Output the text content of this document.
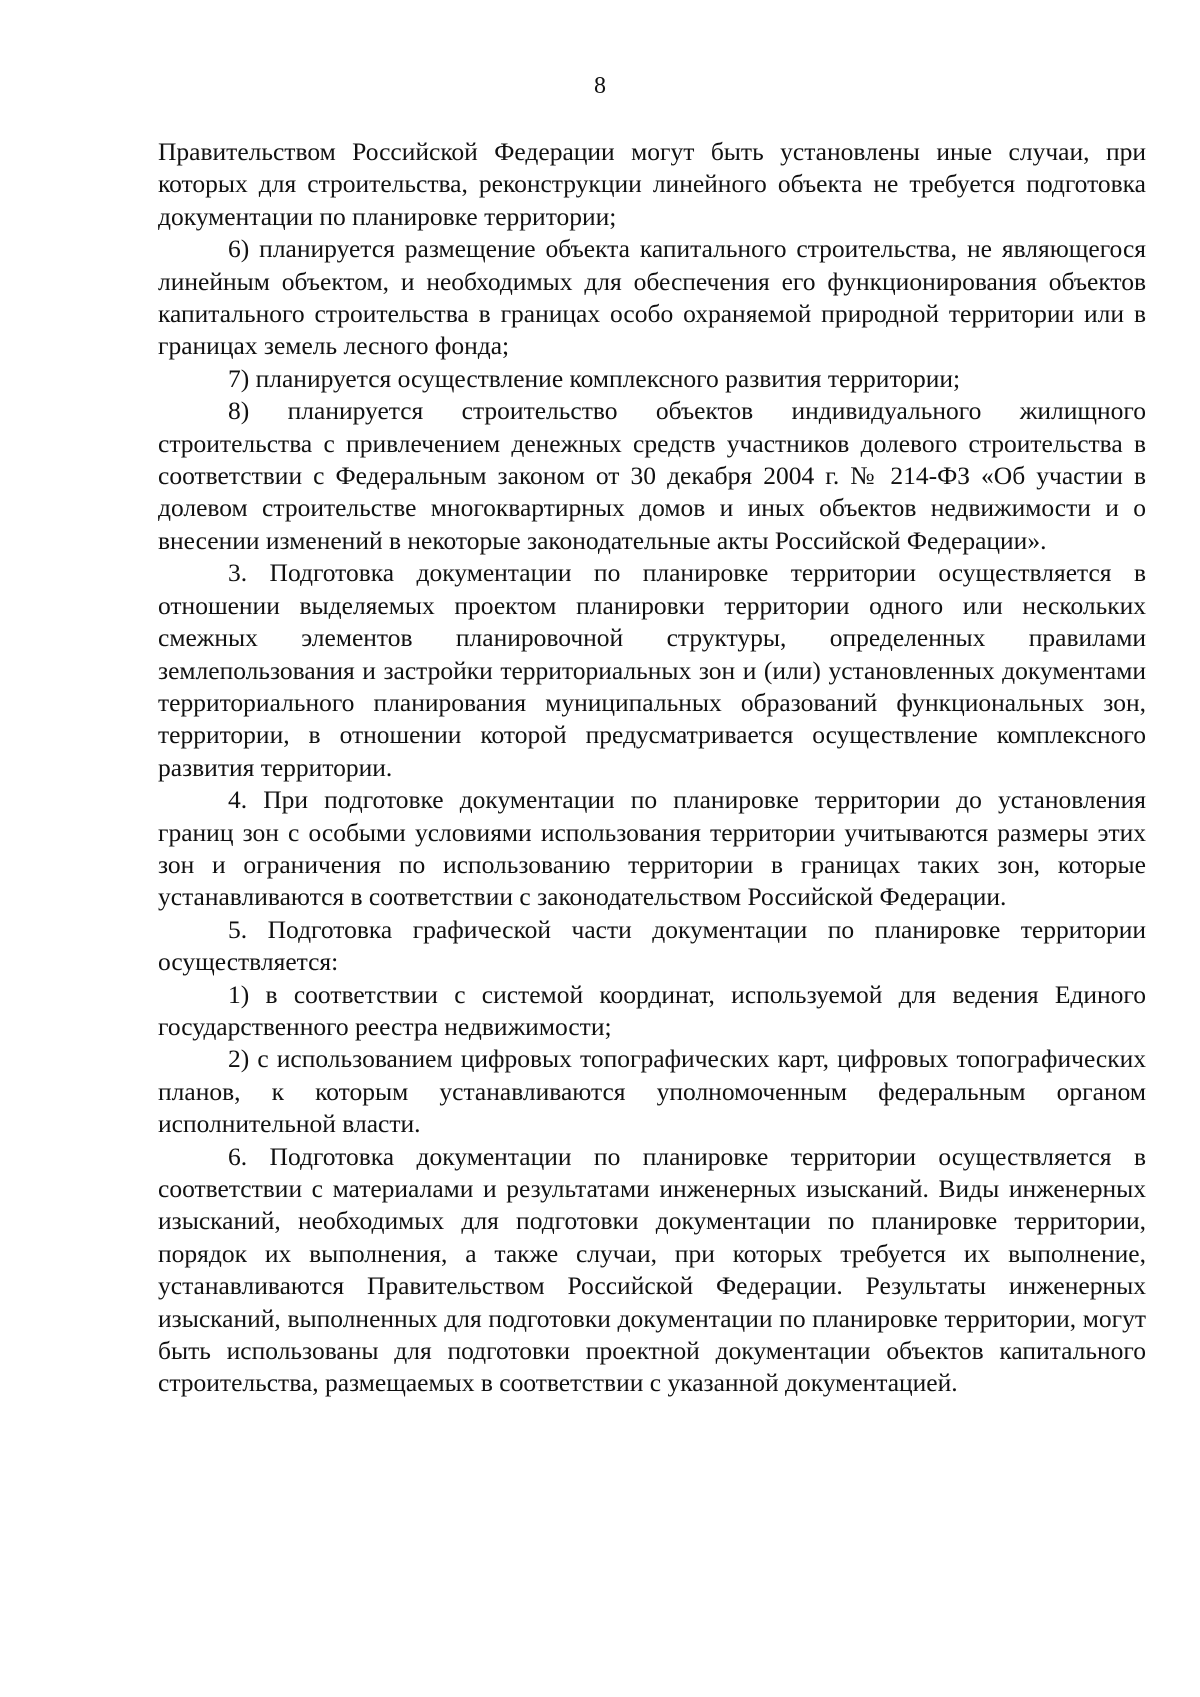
8

Правительством Российской Федерации могут быть установлены иные случаи, при которых для строительства, реконструкции линейного объекта не требуется подготовка документации по планировке территории;

6) планируется размещение объекта капитального строительства, не являющегося линейным объектом, и необходимых для обеспечения его функционирования объектов капитального строительства в границах особо охраняемой природной территории или в границах земель лесного фонда;

7) планируется осуществление комплексного развития территории;

8) планируется строительство объектов индивидуального жилищного строительства с привлечением денежных средств участников долевого строительства в соответствии с Федеральным законом от 30 декабря 2004 г. № 214-ФЗ «Об участии в долевом строительстве многоквартирных домов и иных объектов недвижимости и о внесении изменений в некоторые законодательные акты Российской Федерации».

3. Подготовка документации по планировке территории осуществляется в отношении выделяемых проектом планировки территории одного или нескольких смежных элементов планировочной структуры, определенных правилами землепользования и застройки территориальных зон и (или) установленных документами территориального планирования муниципальных образований функциональных зон, территории, в отношении которой предусматривается осуществление комплексного развития территории.

4. При подготовке документации по планировке территории до установления границ зон с особыми условиями использования территории учитываются размеры этих зон и ограничения по использованию территории в границах таких зон, которые устанавливаются в соответствии с законодательством Российской Федерации.

5. Подготовка графической части документации по планировке территории осуществляется:

1) в соответствии с системой координат, используемой для ведения Единого государственного реестра недвижимости;

2) с использованием цифровых топографических карт, цифровых топографических планов, к которым устанавливаются уполномоченным федеральным органом исполнительной власти.

6. Подготовка документации по планировке территории осуществляется в соответствии с материалами и результатами инженерных изысканий. Виды инженерных изысканий, необходимых для подготовки документации по планировке территории, порядок их выполнения, а также случаи, при которых требуется их выполнение, устанавливаются Правительством Российской Федерации. Результаты инженерных изысканий, выполненных для подготовки документации по планировке территории, могут быть использованы для подготовки проектной документации объектов капитального строительства, размещаемых в соответствии с указанной документацией.
